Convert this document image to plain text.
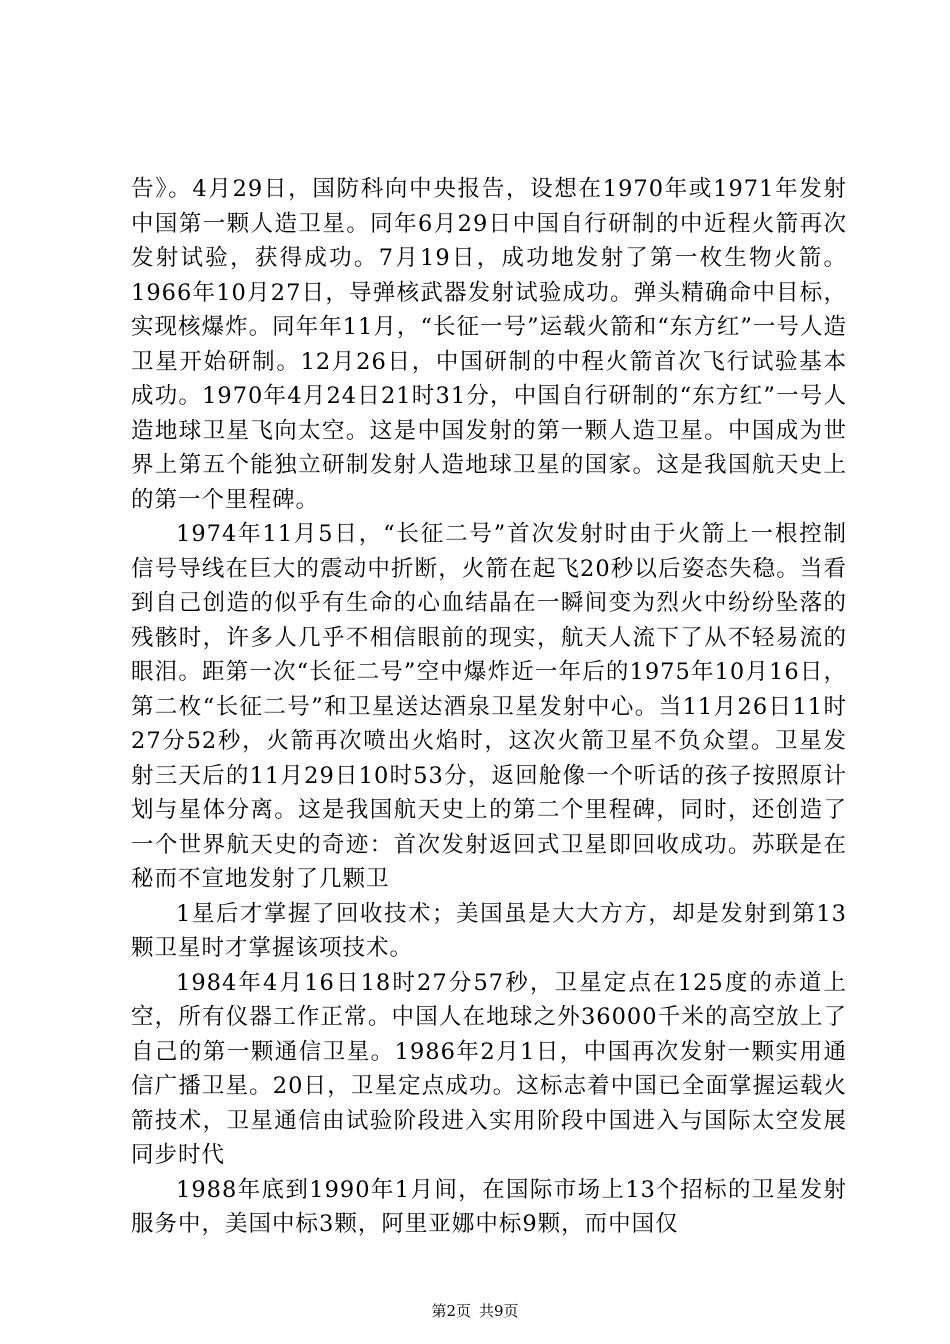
告》。4月29日，国防科向中央报告，设想在1970年或1971年发射中国第一颗人造卫星。同年6月29日中国自行研制的中近程火箭再次发射试验，获得成功。7月19日，成功地发射了第一枚生物火箭。1966年10月27日，导弹核武器发射试验成功。弹头精确命中目标，实现核爆炸。同年年11月，“长征一号”运载火箭和“东方红”一号人造卫星开始研制。12月26日，中国研制的中程火箭首次飞行试验基本成功。1970年4月24日21时31分，中国自行研制的“东方红”一号人造地球卫星飞向太空。这是中国发射的第一颗人造卫星。中国成为世界上第五个能独立研制发射人造地球卫星的国家。这是我国航天史上的第一个里程碑。

1974年11月5日，“长征二号”首次发射时由于火箭上一根控制信号导线在巨大的震动中折断，火箭在起飞20秒以后姿态失稳。当看到自己创造的似乎有生命的心血结晶在一瞬间变为烈火中纷纷坠落的残骸时，许多人几乎不相信眼前的现实，航天人流下了从不轻易流的眼泪。距第一次“长征二号”空中爆炸近一年后的1975年10月16日，第二枚“长征二号”和卫星送达酒泉卫星发射中心。当11月26日11时27分52秒，火箭再次喷出火焰时，这次火箭卫星不负众望。卫星发射三天后的11月29日10时53分，返回舱像一个听话的孩子按照原计划与星体分离。这是我国航天史上的第二个里程碑，同时，还创造了一个世界航天史的奇迹：首次发射返回式卫星即回收成功。苏联是在秘而不宣地发射了几颗卫

1星后才掌握了回收技术；美国虽是大大方方，却是发射到第13颗卫星时才掌握该项技术。

1984年4月16日18时27分57秒，卫星定点在125度的赤道上空，所有仪器工作正常。中国人在地球之外36000千米的高空放上了自己的第一颗通信卫星。1986年2月1日，中国再次发射一颗实用通信广播卫星。20日，卫星定点成功。这标志着中国已全面掌握运载火箭技术，卫星通信由试验阶段进入实用阶段中国进入与国际太空发展同步时代

1988年底到1990年1月间，在国际市场上13个招标的卫星发射服务中，美国中标3颗，阿里亚娜中标9颗，而中国仅

第2页 共9页
